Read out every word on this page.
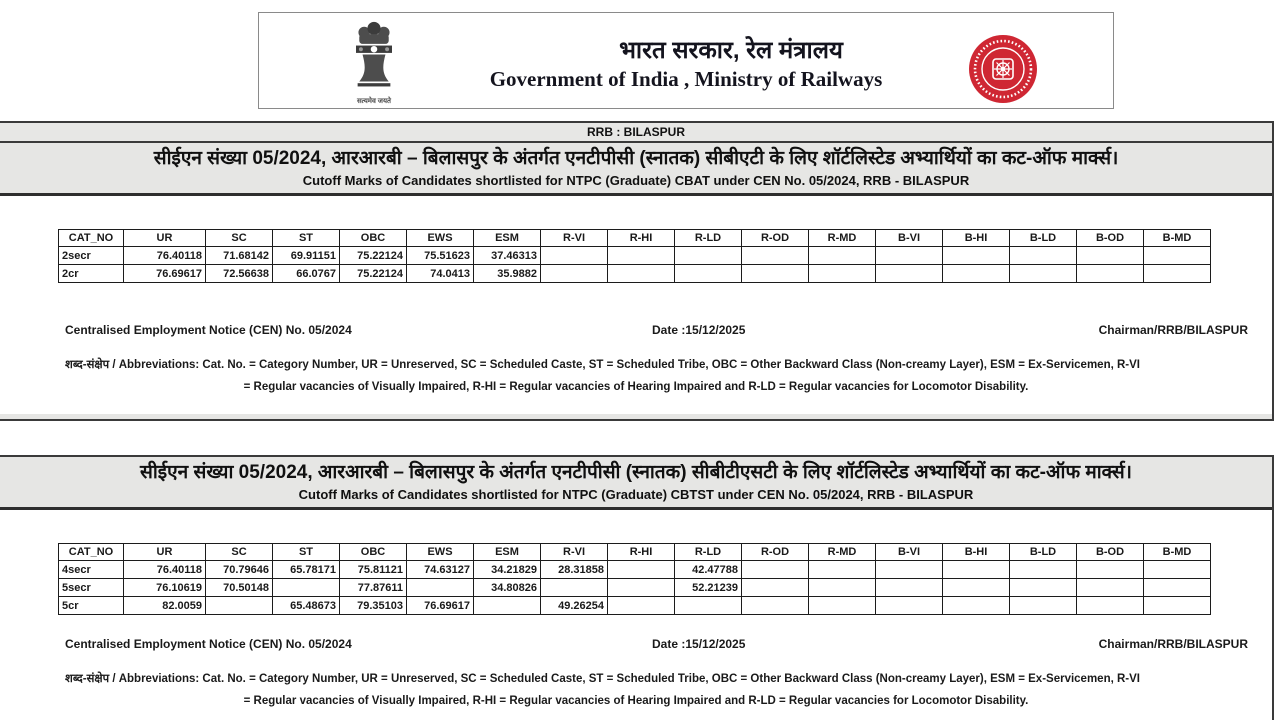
सत्यमेव जयते
भारत सरकार, रेल मंत्रालय
Government of India , Ministry of Railways
RRB : BILASPUR
सीईएन संख्या 05/2024, आरआरबी – बिलासपुर के अंतर्गत एनटीपीसी (स्नातक) सीबीएटी के लिए शॉर्टलिस्टेड अभ्यार्थियों का कट-ऑफ मार्क्स।
Cutoff Marks of Candidates shortlisted for NTPC (Graduate) CBAT under CEN No. 05/2024, RRB - BILASPUR
CAT_NO	UR	SC	ST	OBC	EWS	ESM	R-VI	R-HI	R-LD	R-OD	R-MD	B-VI	B-HI	B-LD	B-OD	B-MD
2secr	76.40118	71.68142	69.91151	75.22124	75.51623	37.46313										
2cr	76.69617	72.56638	66.0767	75.22124	74.0413	35.9882										
Centralised Employment Notice (CEN) No. 05/2024	Date :15/12/2025	Chairman/RRB/BILASPUR
शब्द-संक्षेप / Abbreviations: Cat. No. = Category Number, UR = Unreserved, SC = Scheduled Caste, ST = Scheduled Tribe, OBC = Other Backward Class (Non-creamy Layer), ESM = Ex-Servicemen, R-VI
= Regular vacancies of Visually Impaired, R-HI = Regular vacancies of Hearing Impaired and R-LD = Regular vacancies for Locomotor Disability.
सीईएन संख्या 05/2024, आरआरबी – बिलासपुर के अंतर्गत एनटीपीसी (स्नातक) सीबीटीएसटी के लिए शॉर्टलिस्टेड अभ्यार्थियों का कट-ऑफ मार्क्स।
Cutoff Marks of Candidates shortlisted for NTPC (Graduate) CBTST under CEN No. 05/2024, RRB - BILASPUR
CAT_NO	UR	SC	ST	OBC	EWS	ESM	R-VI	R-HI	R-LD	R-OD	R-MD	B-VI	B-HI	B-LD	B-OD	B-MD
4secr	76.40118	70.79646	65.78171	75.81121	74.63127	34.21829	28.31858		42.47788							
5secr	76.10619	70.50148		77.87611		34.80826			52.21239							
5cr	82.0059		65.48673	79.35103	76.69617		49.26254									
Centralised Employment Notice (CEN) No. 05/2024	Date :15/12/2025	Chairman/RRB/BILASPUR
शब्द-संक्षेप / Abbreviations: Cat. No. = Category Number, UR = Unreserved, SC = Scheduled Caste, ST = Scheduled Tribe, OBC = Other Backward Class (Non-creamy Layer), ESM = Ex-Servicemen, R-VI
= Regular vacancies of Visually Impaired, R-HI = Regular vacancies of Hearing Impaired and R-LD = Regular vacancies for Locomotor Disability.
